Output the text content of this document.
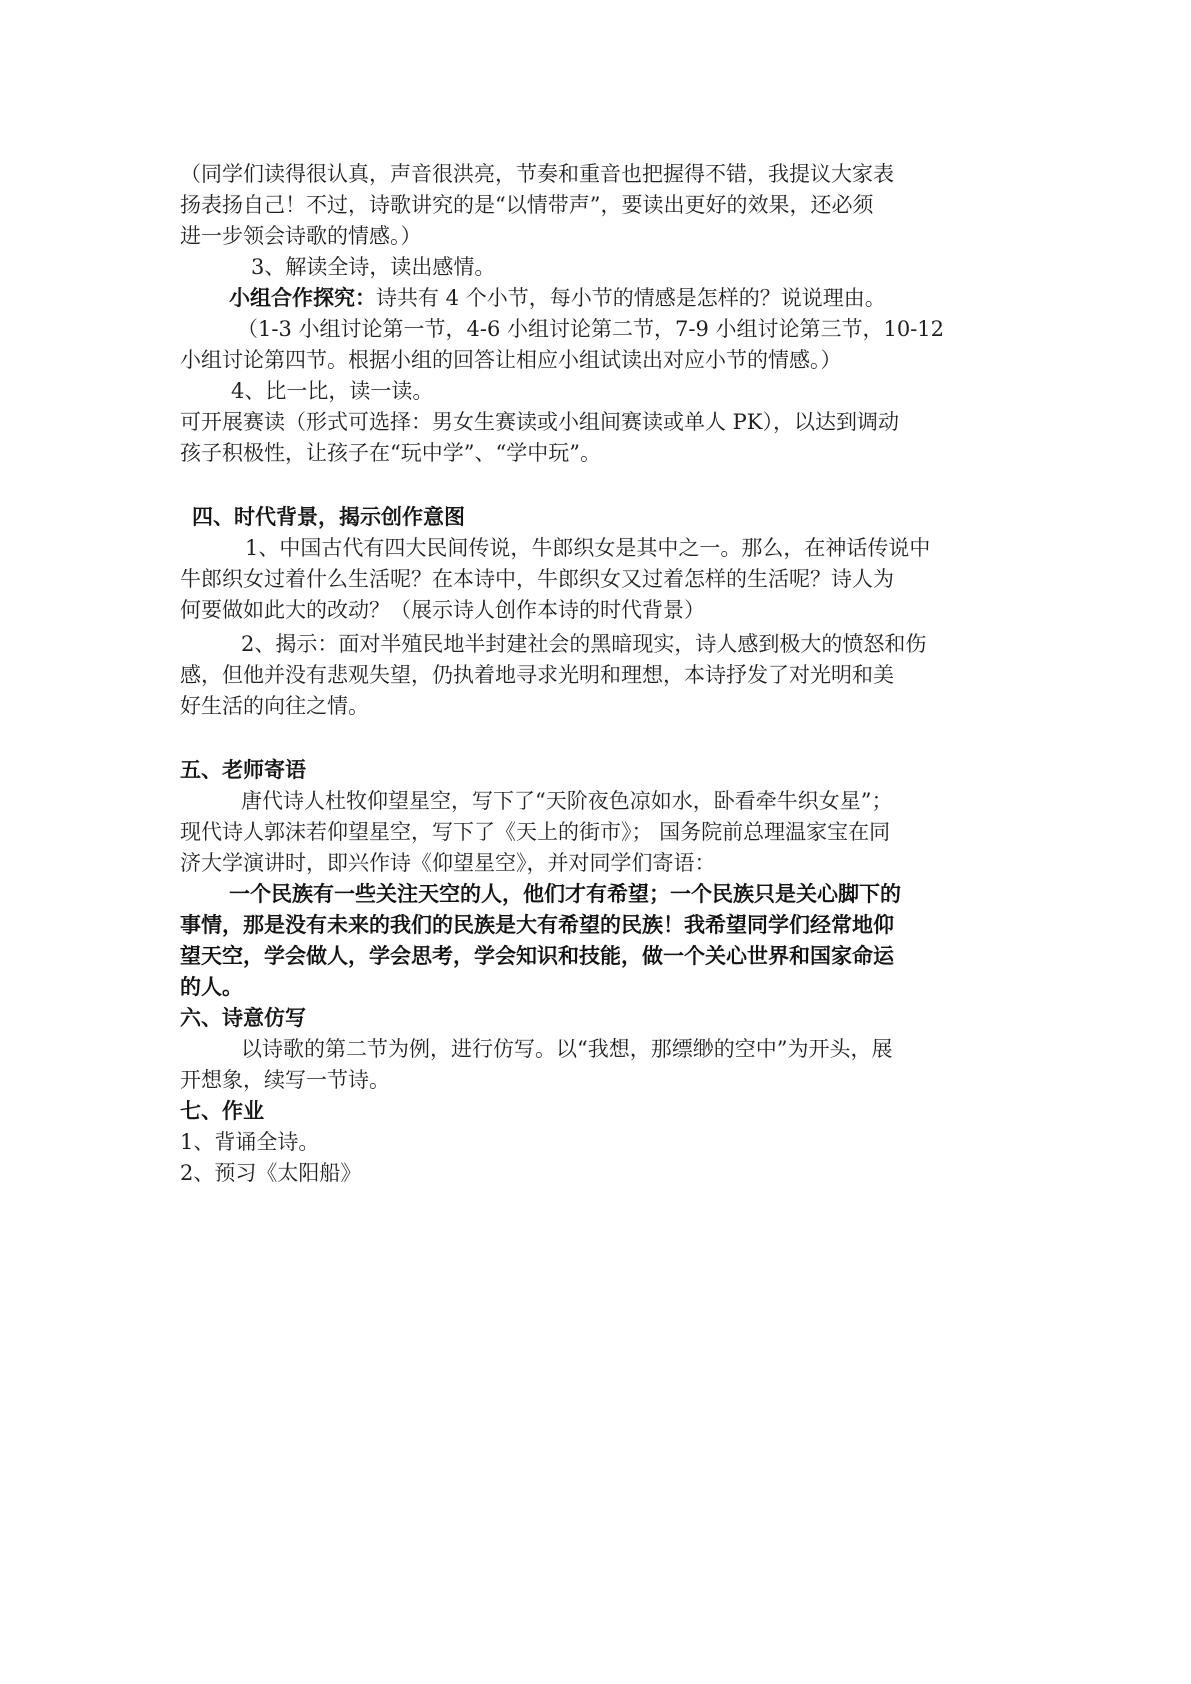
（同学们读得很认真，声音很洪亮，节奏和重音也把握得不错，我提议大家表
扬表扬自己！不过，诗歌讲究的是“以情带声”，要读出更好的效果，还必须
进一步领会诗歌的情感。）
3、解读全诗，读出感情。
小组合作探究：诗共有 4 个小节，每小节的情感是怎样的？说说理由。
（1-3 小组讨论第一节，4-6 小组讨论第二节，7-9 小组讨论第三节，10-12
小组讨论第四节。根据小组的回答让相应小组试读出对应小节的情感。）
4、比一比，读一读。
可开展赛读（形式可选择：男女生赛读或小组间赛读或单人 PK），以达到调动
孩子积极性，让孩子在“玩中学”、“学中玩”。
四、时代背景，揭示创作意图
1、中国古代有四大民间传说，牛郎织女是其中之一。那么，在神话传说中
牛郎织女过着什么生活呢？在本诗中，牛郎织女又过着怎样的生活呢？诗人为
何要做如此大的改动？（展示诗人创作本诗的时代背景）
2、揭示：面对半殖民地半封建社会的黑暗现实，诗人感到极大的愤怒和伤
感，但他并没有悲观失望，仍执着地寻求光明和理想，本诗抒发了对光明和美
好生活的向往之情。
五、老师寄语
唐代诗人杜牧仰望星空，写下了“天阶夜色凉如水，卧看牵牛织女星”；
现代诗人郭沫若仰望星空，写下了《天上的街市》； 国务院前总理温家宝在同
济大学演讲时，即兴作诗《仰望星空》，并对同学们寄语：
一个民族有一些关注天空的人，他们才有希望；一个民族只是关心脚下的
事情，那是没有未来的我们的民族是大有希望的民族！我希望同学们经常地仰
望天空，学会做人，学会思考，学会知识和技能，做一个关心世界和国家命运
的人。
六、诗意仿写
以诗歌的第二节为例，进行仿写。以“我想，那缥缈的空中”为开头，展
开想象，续写一节诗。
七、作业
1、背诵全诗。
2、预习《太阳船》
